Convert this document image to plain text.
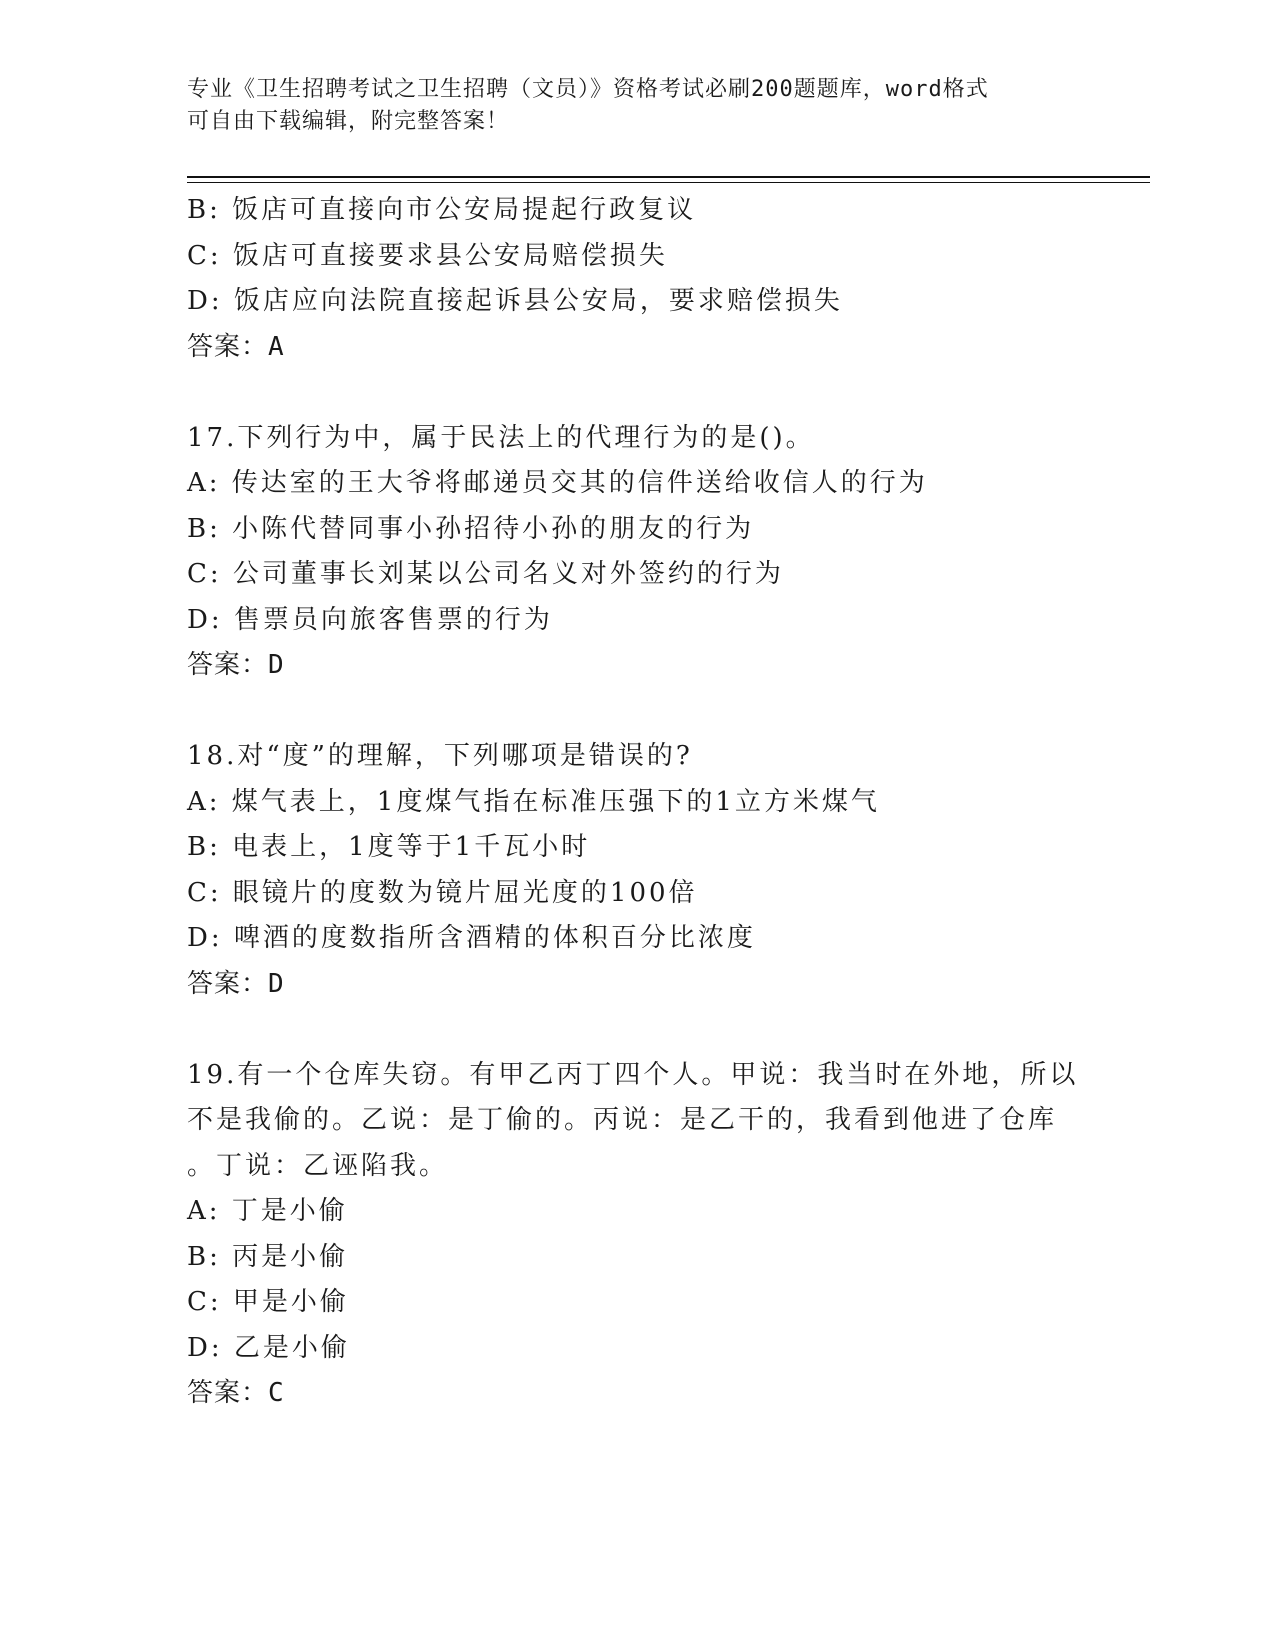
专业《卫生招聘考试之卫生招聘（文员）》资格考试必刷200题题库，word格式
可自由下载编辑，附完整答案！
B: 饭店可直接向市公安局提起行政复议
C: 饭店可直接要求县公安局赔偿损失
D: 饭店应向法院直接起诉县公安局，要求赔偿损失
答案：A
17.下列行为中，属于民法上的代理行为的是()。
A: 传达室的王大爷将邮递员交其的信件送给收信人的行为
B: 小陈代替同事小孙招待小孙的朋友的行为
C: 公司董事长刘某以公司名义对外签约的行为
D: 售票员向旅客售票的行为
答案：D
18.对“度”的理解，下列哪项是错误的?
A: 煤气表上，1度煤气指在标准压强下的1立方米煤气
B: 电表上，1度等于1千瓦小时
C: 眼镜片的度数为镜片屈光度的100倍
D: 啤酒的度数指所含酒精的体积百分比浓度
答案：D
19.有一个仓库失窃。有甲乙丙丁四个人。甲说：我当时在外地，所以
不是我偷的。乙说：是丁偷的。丙说：是乙干的，我看到他进了仓库
。丁说：乙诬陷我。
A: 丁是小偷
B: 丙是小偷
C: 甲是小偷
D: 乙是小偷
答案：C
